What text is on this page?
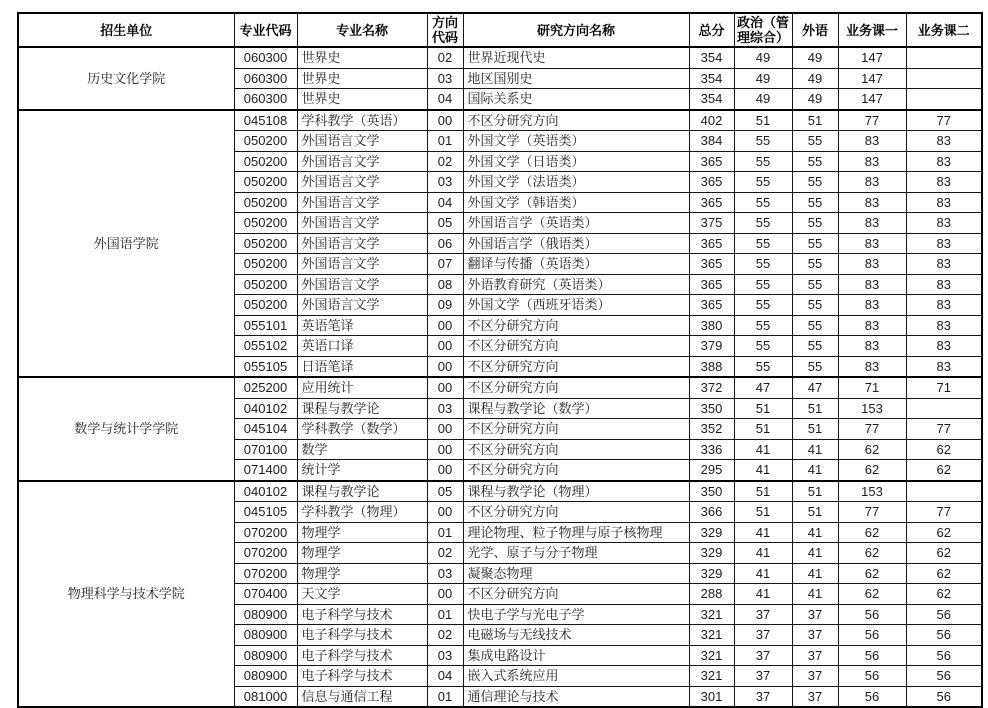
招生单位	专业代码	专业名称	方向代码	研究方向名称	总分	政治（管理综合）	外语	业务课一	业务课二
历史文化学院	060300	世界史	02	世界近现代史	354	49	49	147	
	060300	世界史	03	地区国别史	354	49	49	147	
	060300	世界史	04	国际关系史	354	49	49	147	
外国语学院	045108	学科教学（英语）	00	不区分研究方向	402	51	51	77	77
	050200	外国语言文学	01	外国文学（英语类）	384	55	55	83	83
	050200	外国语言文学	02	外国文学（日语类）	365	55	55	83	83
	050200	外国语言文学	03	外国文学（法语类）	365	55	55	83	83
	050200	外国语言文学	04	外国文学（韩语类）	365	55	55	83	83
	050200	外国语言文学	05	外国语言学（英语类）	375	55	55	83	83
	050200	外国语言文学	06	外国语言学（俄语类）	365	55	55	83	83
	050200	外国语言文学	07	翻译与传播（英语类）	365	55	55	83	83
	050200	外国语言文学	08	外语教育研究（英语类）	365	55	55	83	83
	050200	外国语言文学	09	外国文学（西班牙语类）	365	55	55	83	83
	055101	英语笔译	00	不区分研究方向	380	55	55	83	83
	055102	英语口译	00	不区分研究方向	379	55	55	83	83
	055105	日语笔译	00	不区分研究方向	388	55	55	83	83
数学与统计学学院	025200	应用统计	00	不区分研究方向	372	47	47	71	71
	040102	课程与教学论	03	课程与教学论（数学）	350	51	51	153	
	045104	学科教学（数学）	00	不区分研究方向	352	51	51	77	77
	070100	数学	00	不区分研究方向	336	41	41	62	62
	071400	统计学	00	不区分研究方向	295	41	41	62	62
物理科学与技术学院	040102	课程与教学论	05	课程与教学论（物理）	350	51	51	153	
	045105	学科教学（物理）	00	不区分研究方向	366	51	51	77	77
	070200	物理学	01	理论物理、粒子物理与原子核物理	329	41	41	62	62
	070200	物理学	02	光学、原子与分子物理	329	41	41	62	62
	070200	物理学	03	凝聚态物理	329	41	41	62	62
	070400	天文学	00	不区分研究方向	288	41	41	62	62
	080900	电子科学与技术	01	快电子学与光电子学	321	37	37	56	56
	080900	电子科学与技术	02	电磁场与无线技术	321	37	37	56	56
	080900	电子科学与技术	03	集成电路设计	321	37	37	56	56
	080900	电子科学与技术	04	嵌入式系统应用	321	37	37	56	56
	081000	信息与通信工程	01	通信理论与技术	301	37	37	56	56
